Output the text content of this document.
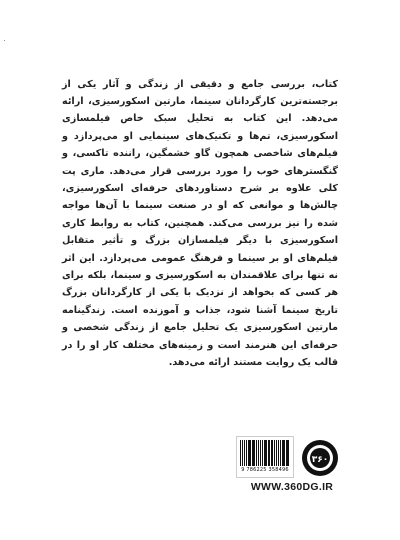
کتاب، بررسی جامع و دقیقی از زندگی و آثار یکی از برجسته‌ترین کارگردانان سینما، مارتین اسکورسیزی، ارائه می‌دهد. این کتاب به تحلیل سبک خاص فیلمسازی اسکورسیزی، تم‌ها و تکنیک‌های سینمایی او می‌پردازد و فیلم‌های شاخصی همچون گاو خشمگین، راننده تاکسی، و گنگسترهای خوب را مورد بررسی قرار می‌دهد. ماری پت کلی علاوه بر شرح دستاوردهای حرفه‌ای اسکورسیزی، چالش‌ها و موانعی که او در صنعت سینما با آن‌ها مواجه شده را نیز بررسی می‌کند. همچنین، کتاب به روابط کاری اسکورسیزی با دیگر فیلمسازان بزرگ و تأثیر متقابل فیلم‌های او بر سینما و فرهنگ عمومی می‌پردازد. این اثر نه تنها برای علاقمندان به اسکورسیزی و سینما، بلکه برای هر کسی که بخواهد از نزدیک با یکی از کارگردانان بزرگ تاریخ سینما آشنا شود، جذاب و آموزنده است. زندگینامه مارتین اسکورسیزی یک تحلیل جامع از زندگی شخصی و حرفه‌ای این هنرمند است و زمینه‌های مختلف کار او را در قالب یک روایت مستند ارائه می‌دهد.

9 786225 358496
۳۶۰
نشر
WWW.360DG.IR
